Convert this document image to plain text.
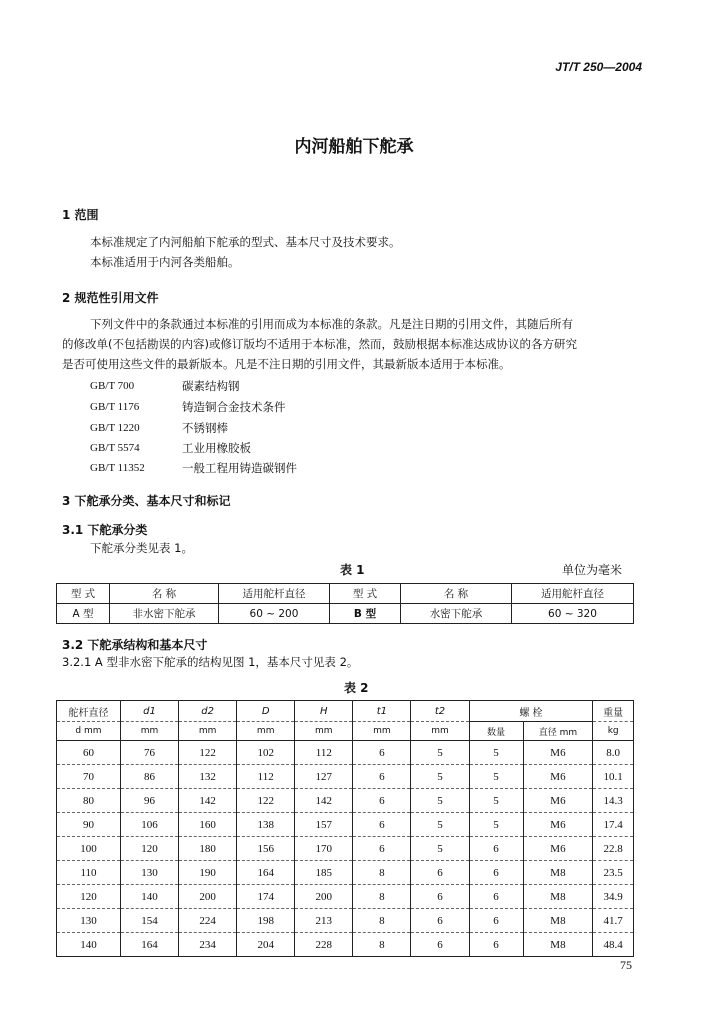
JT/T 250—2004
内河船舶下舵承
1 范围
本标准规定了内河船舶下舵承的型式、基本尺寸及技术要求。
本标准适用于内河各类船舶。
2 规范性引用文件
下列文件中的条款通过本标准的引用而成为本标准的条款。凡是注日期的引用文件，其随后所有
的修改单(不包括勘误的内容)或修订版均不适用于本标准，然而，鼓励根据本标准达成协议的各方研究
是否可使用这些文件的最新版本。凡是不注日期的引用文件，其最新版本适用于本标准。
GB/T 700	碳素结构钢
GB/T 1176	铸造铜合金技术条件
GB/T 1220	不锈钢棒
GB/T 5574	工业用橡胶板
GB/T 11352	一般工程用铸造碳钢件
3 下舵承分类、基本尺寸和标记
3.1 下舵承分类
下舵承分类见表 1。
表 1	单位为毫米
型 式	名 称	适用舵杆直径	型 式	名 称	适用舵杆直径
A 型	非水密下舵承	60 ~ 200	B 型	水密下舵承	60 ~ 320
3.2 下舵承结构和基本尺寸
3.2.1 A 型非水密下舵承的结构见图 1，基本尺寸见表 2。
表 2
舵杆直径	d1	d2	D	H	t1	t2	螺 栓		重量
d mm	mm	mm	mm	mm	mm	mm	数量	直径 mm	kg
60	76	122	102	112	6	5	5	M6	8.0
70	86	132	112	127	6	5	5	M6	10.1
80	96	142	122	142	6	5	5	M6	14.3
90	106	160	138	157	6	5	5	M6	17.4
100	120	180	156	170	6	5	6	M6	22.8
110	130	190	164	185	8	6	6	M8	23.5
120	140	200	174	200	8	6	6	M8	34.9
130	154	224	198	213	8	6	6	M8	41.7
140	164	234	204	228	8	6	6	M8	48.4
75
